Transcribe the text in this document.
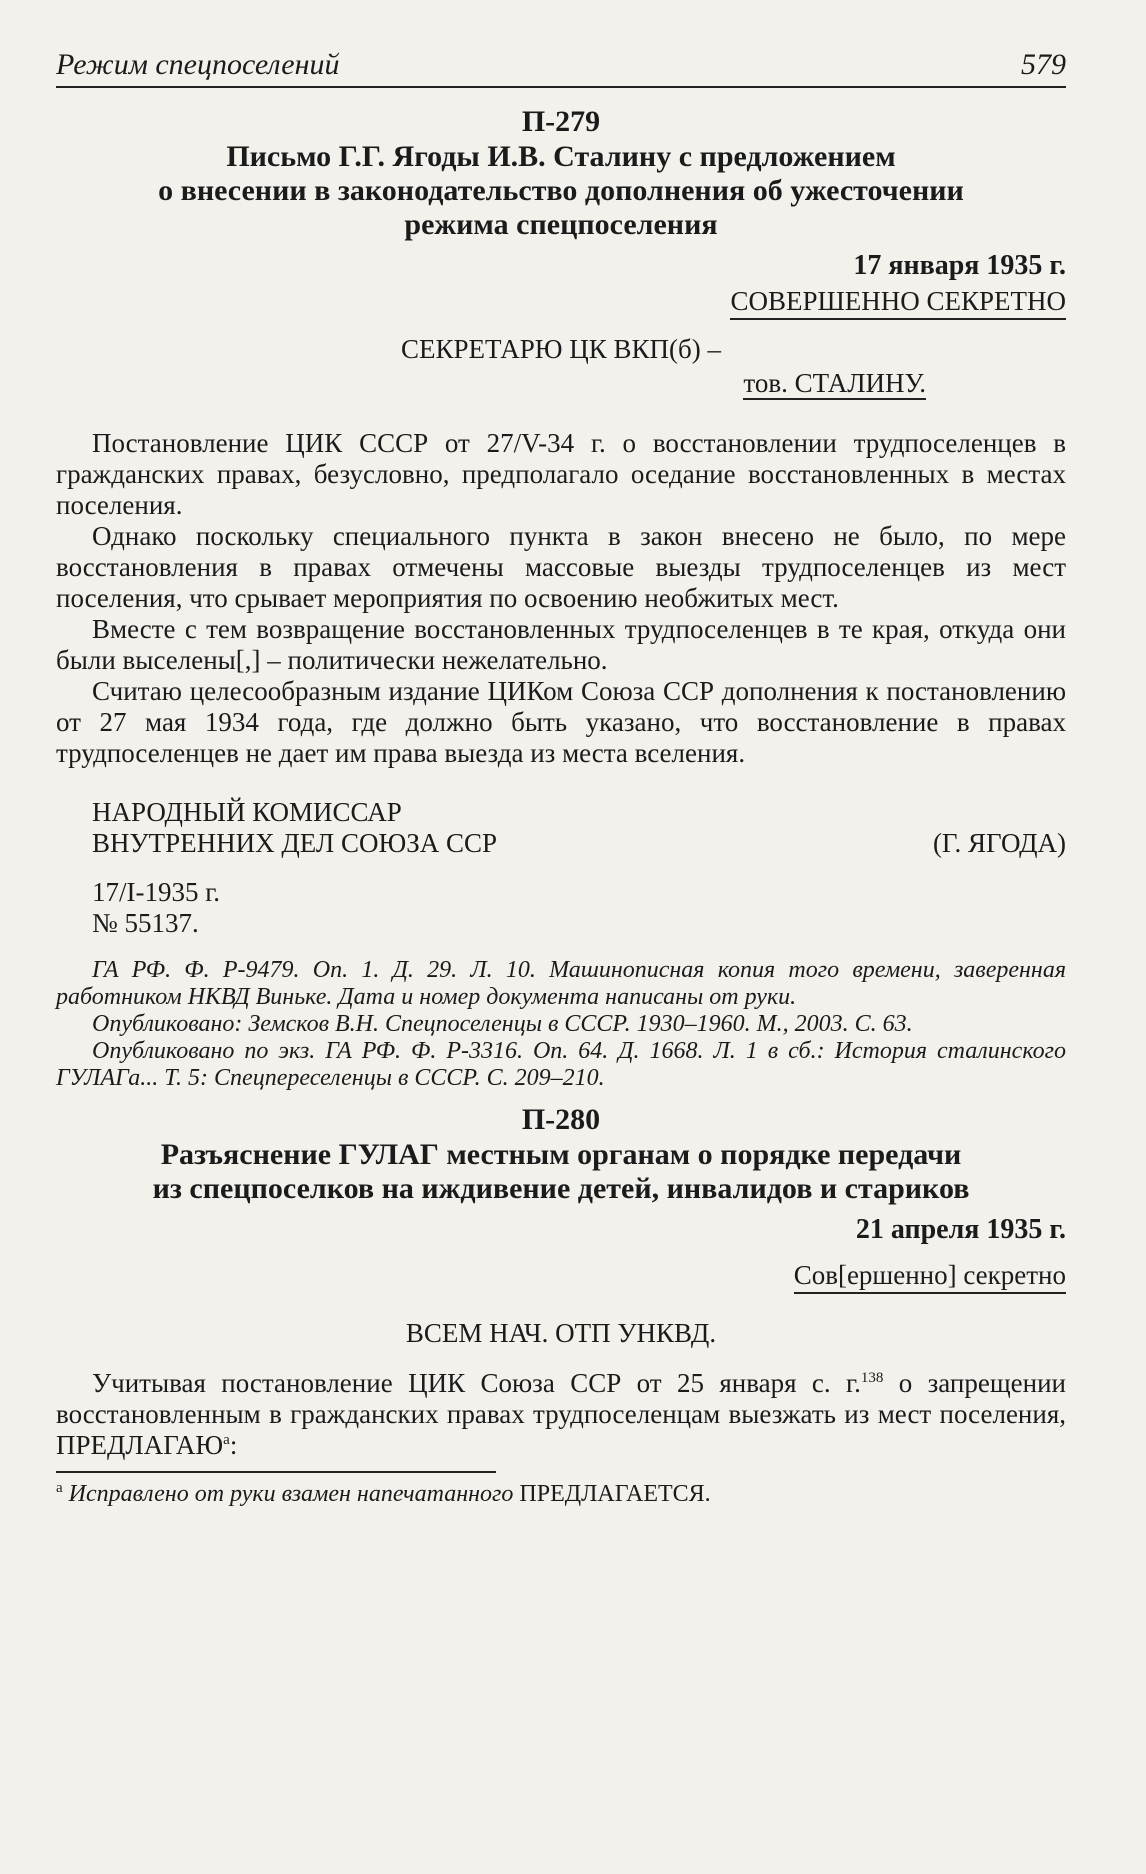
Режим спецпоселений	579

П-279

Письмо Г.Г. Ягоды И.В. Сталину с предложением
о внесении в законодательство дополнения об ужесточении
режима спецпоселения

17 января 1935 г.
СОВЕРШЕННО СЕКРЕТНО
СЕКРЕТАРЮ ЦК ВКП(б) –
тов. СТАЛИНУ.

Постановление ЦИК СССР от 27/V-34 г. о восстановлении трудпоселенцев в гражданских правах, безусловно, предполагало оседание восстановленных в местах поселения.

Однако поскольку специального пункта в закон внесено не было, по мере восстановления в правах отмечены массовые выезды трудпоселенцев из мест поселения, что срывает мероприятия по освоению необжитых мест.

Вместе с тем возвращение восстановленных трудпоселенцев в те края, откуда они были выселены[,] – политически нежелательно.

Считаю целесообразным издание ЦИКом Союза ССР дополнения к постановлению от 27 мая 1934 года, где должно быть указано, что восстановление в правах трудпоселенцев не дает им права выезда из места вселения.

НАРОДНЫЙ КОМИССАР
ВНУТРЕННИХ ДЕЛ СОЮЗА ССР	(Г. ЯГОДА)
17/I-1935 г.
№ 55137.

ГА РФ. Ф. Р-9479. Оп. 1. Д. 29. Л. 10. Машинописная копия того времени, заверенная работником НКВД Виньке. Дата и номер документа написаны от руки.

Опубликовано: Земсков В.Н. Спецпоселенцы в СССР. 1930–1960. М., 2003. С. 63.

Опубликовано по экз. ГА РФ. Ф. Р-3316. Оп. 64. Д. 1668. Л. 1 в сб.: История сталинского ГУЛАГа... Т. 5: Спецпереселенцы в СССР. С. 209–210.

П-280

Разъяснение ГУЛАГ местным органам о порядке передачи
из спецпоселков на иждивение детей, инвалидов и стариков

21 апреля 1935 г.
Сов[ершенно] секретно
ВСЕМ НАЧ. ОТП УНКВД.

Учитывая постановление ЦИК Союза ССР от 25 января с. г.$^{138}$ о запрещении восстановленным в гражданских правах трудпоселенцам выезжать из мест поселения, $ПРЕДЛАГАЮ^а$:

$^а$ Исправлено от руки взамен напечатанного ПРЕДЛАГАЕТСЯ.
